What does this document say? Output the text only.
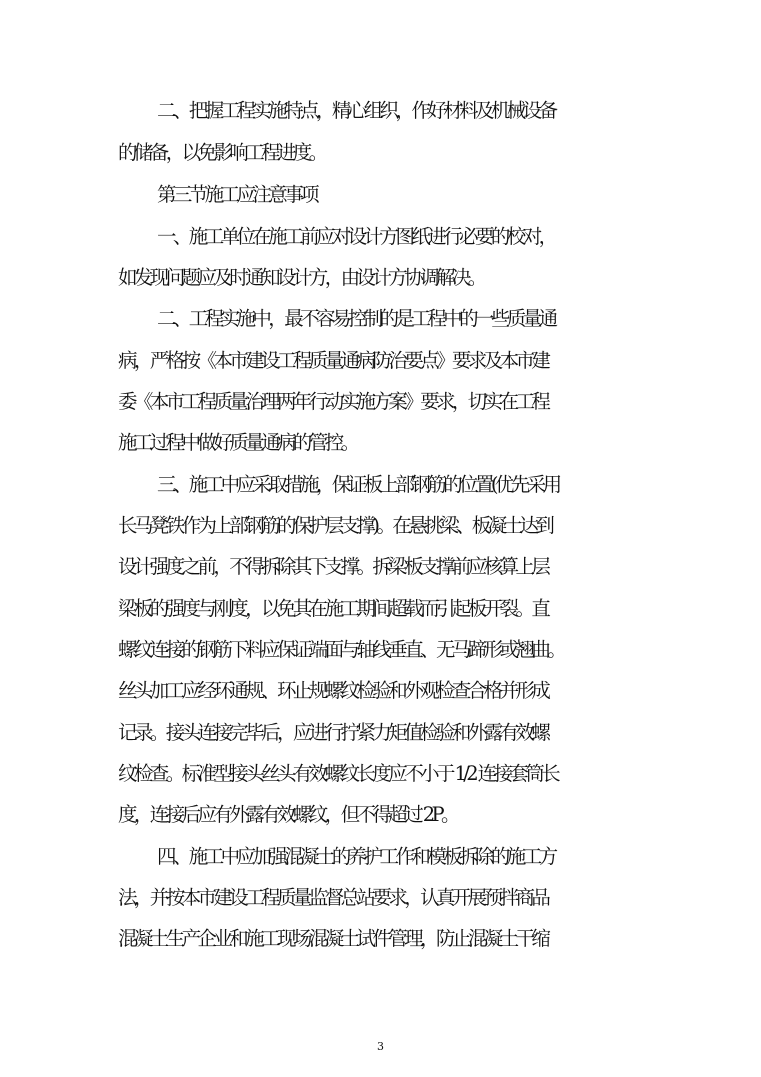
二、把握工程实施特点，精心组织，作好材料及机械设备
的储备，以免影响工程进度。
第三节施工应注意事项
一、施工单位在施工前应对设计方图纸进行必要的校对，
如发现问题应及时通知设计方，由设计方协调解决。
二、工程实施中，最不容易控制的是工程中的一些质量通
病，严格按《本市建设工程质量通病防治要点》要求及本市建
委《本市工程质量治理两年行动实施方案》要求，切实在工程
施工过程中做好质量通病的管控。
三、施工中应采取措施，保证板上部钢筋的位置(优先采用
长马凳铁作为上部钢筋的保护层支撑)。在悬挑梁、板凝土达到
设计强度之前，不得拆除其下支撑。拆梁板支撑前应核算上层
梁板的强度与刚度，以免其在施工期间超载而引起板开裂。直
螺纹连接的钢筋下料应保证端面与轴线垂直、无马蹄形或翘曲。
丝头加工应经环通规、环止规螺纹检验和外观检查合格并形成
记录。接头连接完毕后，应进行拧紧力矩值检验和外露有效螺
纹检查。标准型接头丝头有效螺纹长度应不小于 1/2 连接套筒长
度，连接后应有外露有效螺纹，但不得超过 2P。
四、施工中应加强混凝土的养护工作和模板拆除的施工方
法，并按本市建设工程质量监督总站要求，认真开展预拌商品
混凝土生产企业和施工现场混凝土试件管理，防止混凝土干缩
3
